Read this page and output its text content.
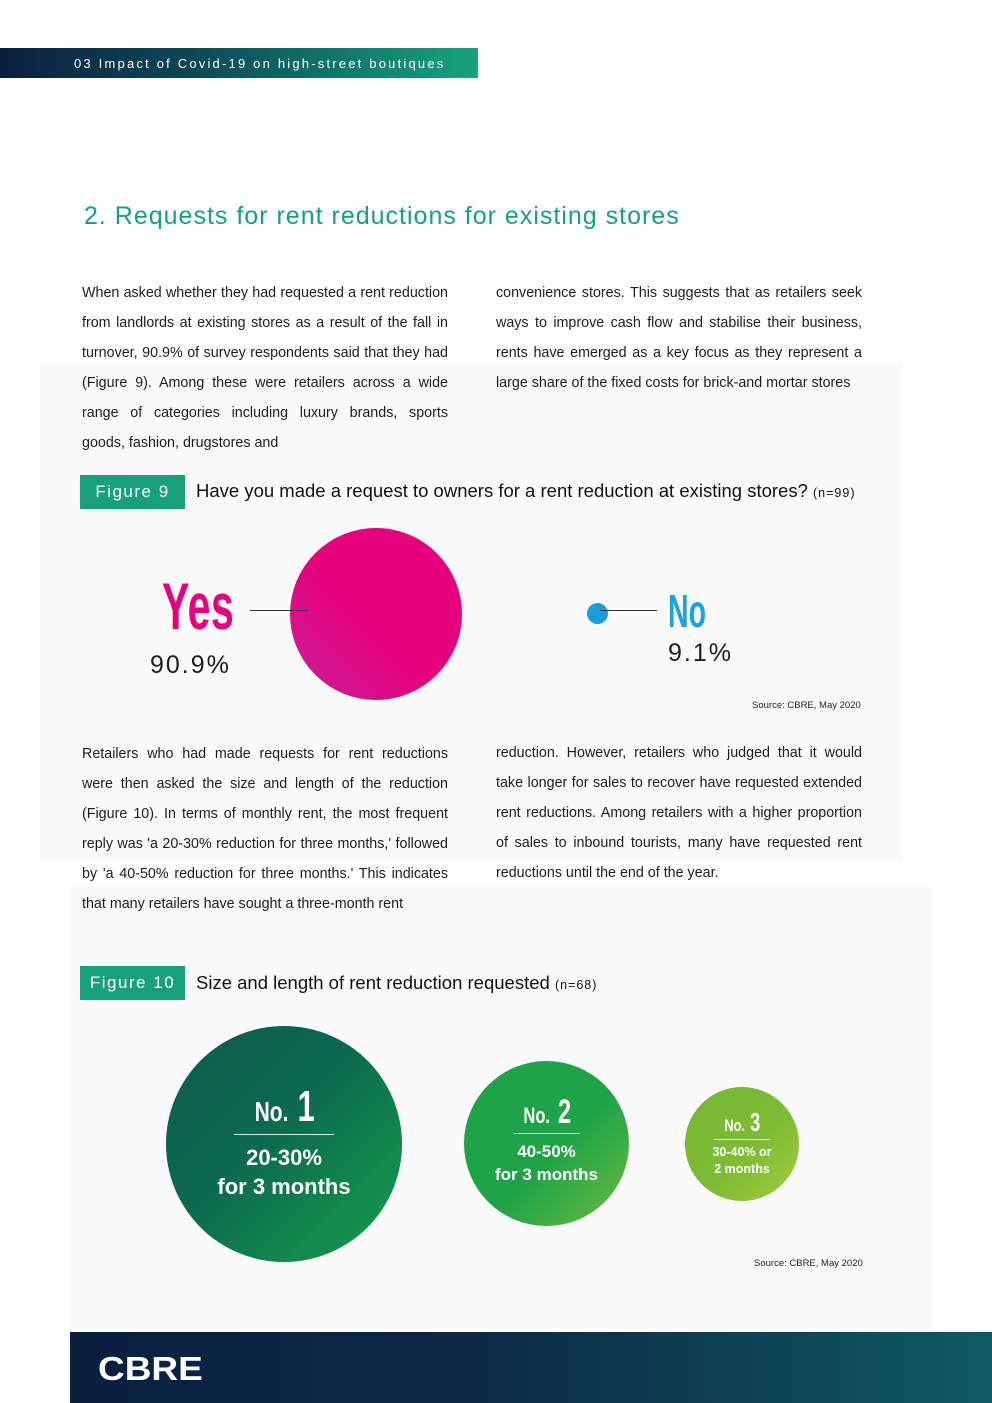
03 Impact of Covid-19 on high-street boutiques
2. Requests for rent reductions for existing stores
When asked whether they had requested a rent reduction from landlords at existing stores as a result of the fall in turnover, 90.9% of survey respondents said that they had (Figure 9). Among these were retailers across a wide range of categories including luxury brands, sports goods, fashion, drugstores and
convenience stores. This suggests that as retailers seek ways to improve cash flow and stabilise their business, rents have emerged as a key focus as they represent a large share of the fixed costs for brick-and mortar stores
Figure 9	Have you made a request to owners for a rent reduction at existing stores? (n=99)
Yes
90.9%
No
9.1%
Source: CBRE, May 2020
Retailers who had made requests for rent reductions were then asked the size and length of the reduction (Figure 10). In terms of monthly rent, the most frequent reply was 'a 20-30% reduction for three months,' followed by 'a 40-50% reduction for three months.' This indicates that many retailers have sought a three-month rent
reduction. However, retailers who judged that it would take longer for sales to recover have requested extended rent reductions. Among retailers with a higher proportion of sales to inbound tourists, many have requested rent reductions until the end of the year.
Figure 10	Size and length of rent reduction requested (n=68)
No. 1
20-30%
for 3 months
No. 2
40-50%
for 3 months
No. 3
30-40% or
2 months
Source: CBRE, May 2020
CBRE
